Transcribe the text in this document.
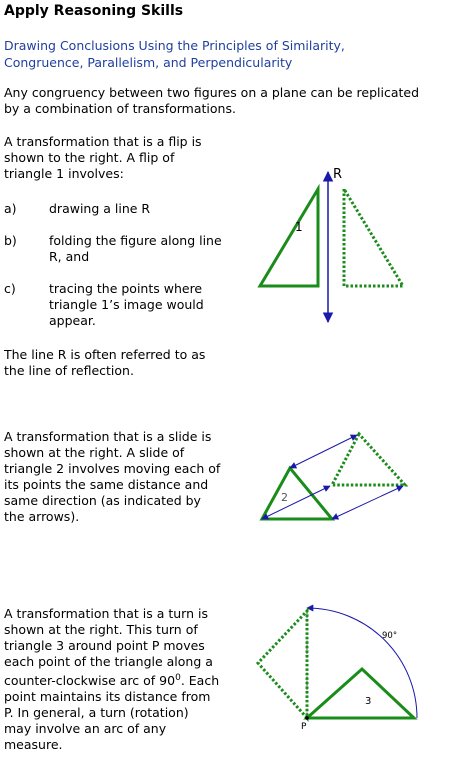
Apply Reasoning Skills
Drawing Conclusions Using the Principles of Similarity,
Congruence, Parallelism, and Perpendicularity
Any congruency between two figures on a plane can be replicated
by a combination of transformations.
A transformation that is a flip is
shown to the right. A flip of
triangle 1 involves:
a)	drawing a line R
b)	folding the figure along line
R, and
c)	tracing the points where
triangle 1’s image would
appear.
The line R is often referred to as
the line of reflection.
A transformation that is a slide is
shown at the right. A slide of
triangle 2 involves moving each of
its points the same distance and
same direction (as indicated by
the arrows).
A transformation that is a turn is
shown at the right. This turn of
triangle 3 around point P moves
each point of the triangle along a
counter-clockwise arc of $90^0$. Each
point maintains its distance from
P. In general, a turn (rotation)
may involve an arc of any
measure.
R
1
2
90°
3
P
